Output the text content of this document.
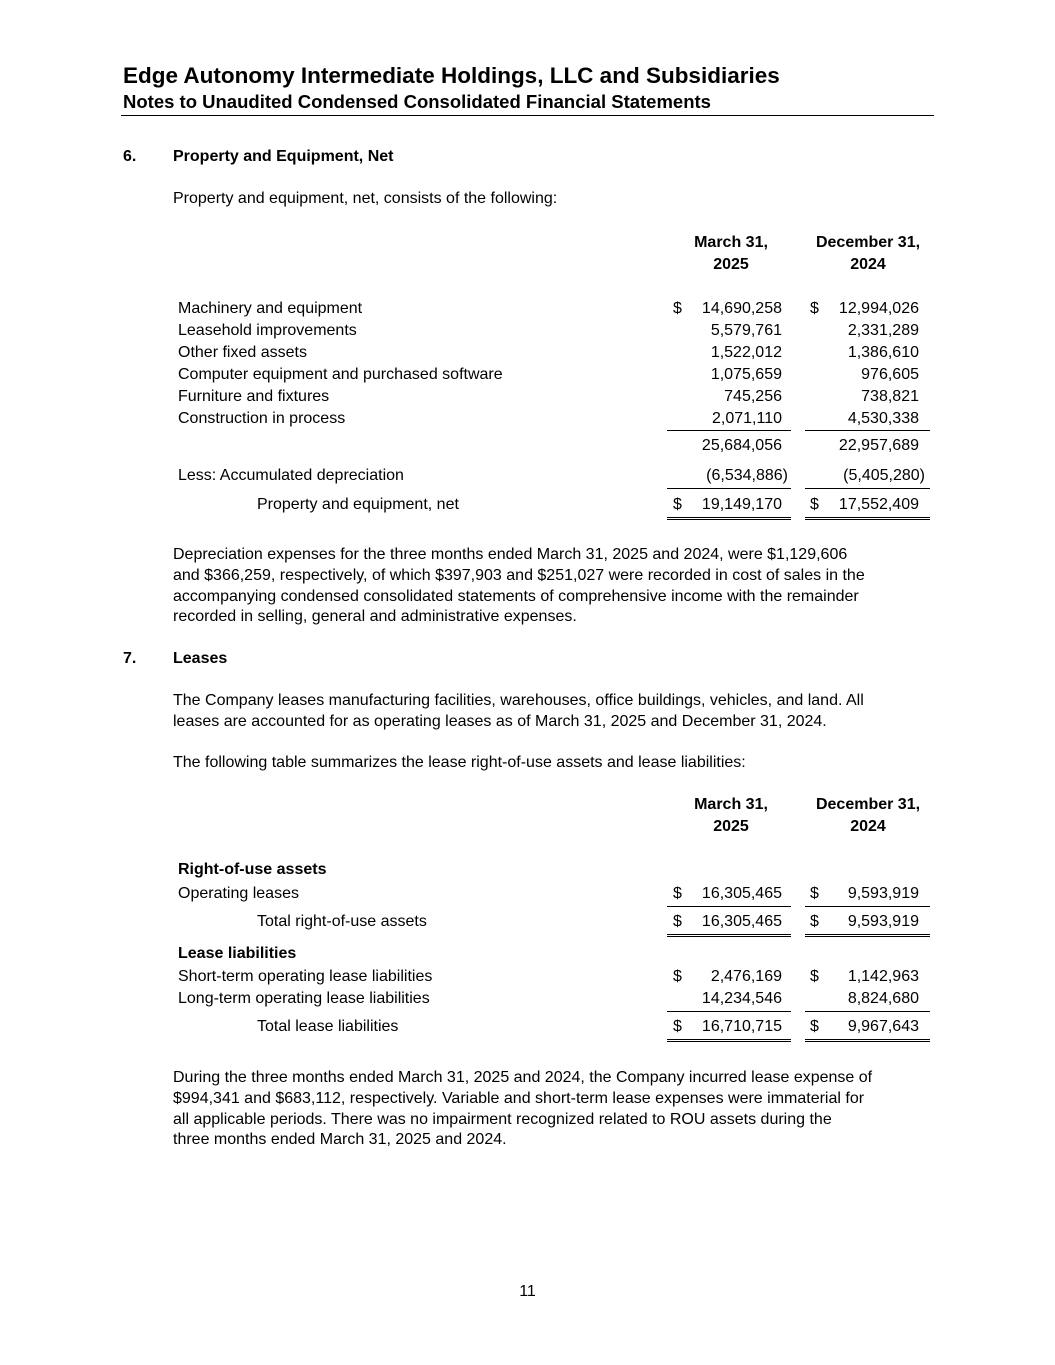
Edge Autonomy Intermediate Holdings, LLC and Subsidiaries
Notes to Unaudited Condensed Consolidated Financial Statements
6. Property and Equipment, Net

Property and equipment, net, consists of the following:

March 31,
2025
December 31,
2024
Machinery and equipment	$	14,690,258 $	12,994,026
Leasehold improvements	5,579,761	2,331,289
Other fixed assets	1,522,012	1,386,610
Computer equipment and purchased software	1,075,659	976,605
Furniture and fixtures	745,256	738,821
Construction in process	2,071,110	4,530,338
25,684,056	22,957,689
Less: Accumulated depreciation	(6,534,886)	(5,405,280)
Property and equipment, net	$	19,149,170 $	17,552,409

Depreciation expenses for the three months ended March 31, 2025 and 2024, were $1,129,606

and $366,259, respectively, of which $397,903 and $251,027 were recorded in cost of sales in the

accompanying condensed consolidated statements of comprehensive income with the remainder

recorded in selling, general and administrative expenses.

7. Leases

The Company leases manufacturing facilities, warehouses, office buildings, vehicles, and land. All

leases are accounted for as operating leases as of March 31, 2025 and December 31, 2024.

The following table summarizes the lease right-of-use assets and lease liabilities:

March 31,
2025
December 31,
2024
Right-of-use assets
Operating leases	$	16,305,465 $	9,593,919
Total right-of-use assets	$	16,305,465 $	9,593,919
Lease liabilities
Short-term operating lease liabilities	$	2,476,169 $	1,142,963
Long-term operating lease liabilities	14,234,546	8,824,680
Total lease liabilities	$	16,710,715 $	9,967,643

During the three months ended March 31, 2025 and 2024, the Company incurred lease expense of

$994,341 and $683,112, respectively. Variable and short-term lease expenses were immaterial for

all applicable periods. There was no impairment recognized related to ROU assets during the

three months ended March 31, 2025 and 2024.

11
